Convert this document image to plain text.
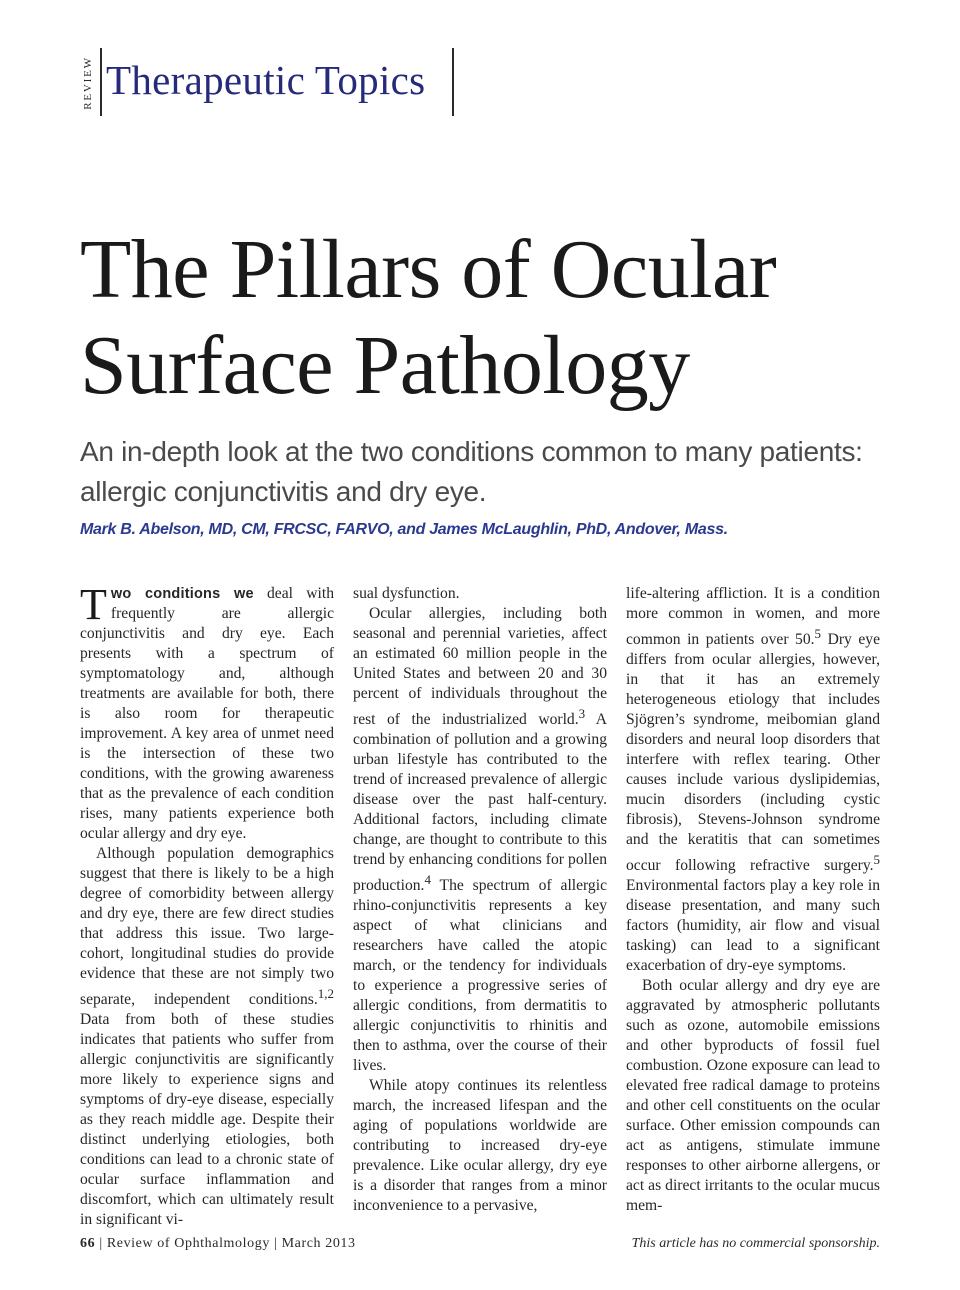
REVIEW Therapeutic Topics
The Pillars of Ocular Surface Pathology

An in-depth look at the two conditions common to many patients: allergic conjunctivitis and dry eye.

Mark B. Abelson, MD, CM, FRCSC, FARVO, and James McLaughlin, PhD, Andover, Mass.

Two conditions we deal with frequently are allergic conjunctivitis and dry eye. Each presents with a spectrum of symptomatology and, although treatments are available for both, there is also room for therapeutic improvement. A key area of unmet need is the intersection of these two conditions, with the growing awareness that as the prevalence of each condition rises, many patients experience both ocular allergy and dry eye.

Although population demographics suggest that there is likely to be a high degree of comorbidity between allergy and dry eye, there are few direct studies that address this issue. Two large-cohort, longitudinal studies do provide evidence that these are not simply two separate, independent conditions.$^{1,2}$ Data from both of these studies indicates that patients who suffer from allergic conjunctivitis are significantly more likely to experience signs and symptoms of dry-eye disease, especially as they reach middle age. Despite their distinct underlying etiologies, both conditions can lead to a chronic state of ocular surface inflammation and discomfort, which can ultimately result in significant vi-

sual dysfunction.

Ocular allergies, including both seasonal and perennial varieties, affect an estimated 60 million people in the United States and between 20 and 30 percent of individuals throughout the rest of the industrialized world.$^3$ A combination of pollution and a growing urban lifestyle has contributed to the trend of increased prevalence of allergic disease over the past half-century. Additional factors, including climate change, are thought to contribute to this trend by enhancing conditions for pollen production.$^4$ The spectrum of allergic rhino-conjunctivitis represents a key aspect of what clinicians and researchers have called the atopic march, or the tendency for individuals to experience a progressive series of allergic conditions, from dermatitis to allergic conjunctivitis to rhinitis and then to asthma, over the course of their lives.

While atopy continues its relentless march, the increased lifespan and the aging of populations worldwide are contributing to increased dry-eye prevalence. Like ocular allergy, dry eye is a disorder that ranges from a minor inconvenience to a pervasive,

life-altering affliction. It is a condition more common in women, and more common in patients over 50.$^5$ Dry eye differs from ocular allergies, however, in that it has an extremely heterogeneous etiology that includes Sjögren’s syndrome, meibomian gland disorders and neural loop disorders that interfere with reflex tearing. Other causes include various dyslipidemias, mucin disorders (including cystic fibrosis), Stevens-Johnson syndrome and the keratitis that can sometimes occur following refractive surgery.$^5$ Environmental factors play a key role in disease presentation, and many such factors (humidity, air flow and visual tasking) can lead to a significant exacerbation of dry-eye symptoms.

Both ocular allergy and dry eye are aggravated by atmospheric pollutants such as ozone, automobile emissions and other byproducts of fossil fuel combustion. Ozone exposure can lead to elevated free radical damage to proteins and other cell constituents on the ocular surface. Other emission compounds can act as antigens, stimulate immune responses to other airborne allergens, or act as direct irritants to the ocular mucus mem-

66 | Review of Ophthalmology | March 2013	This article has no commercial sponsorship.
